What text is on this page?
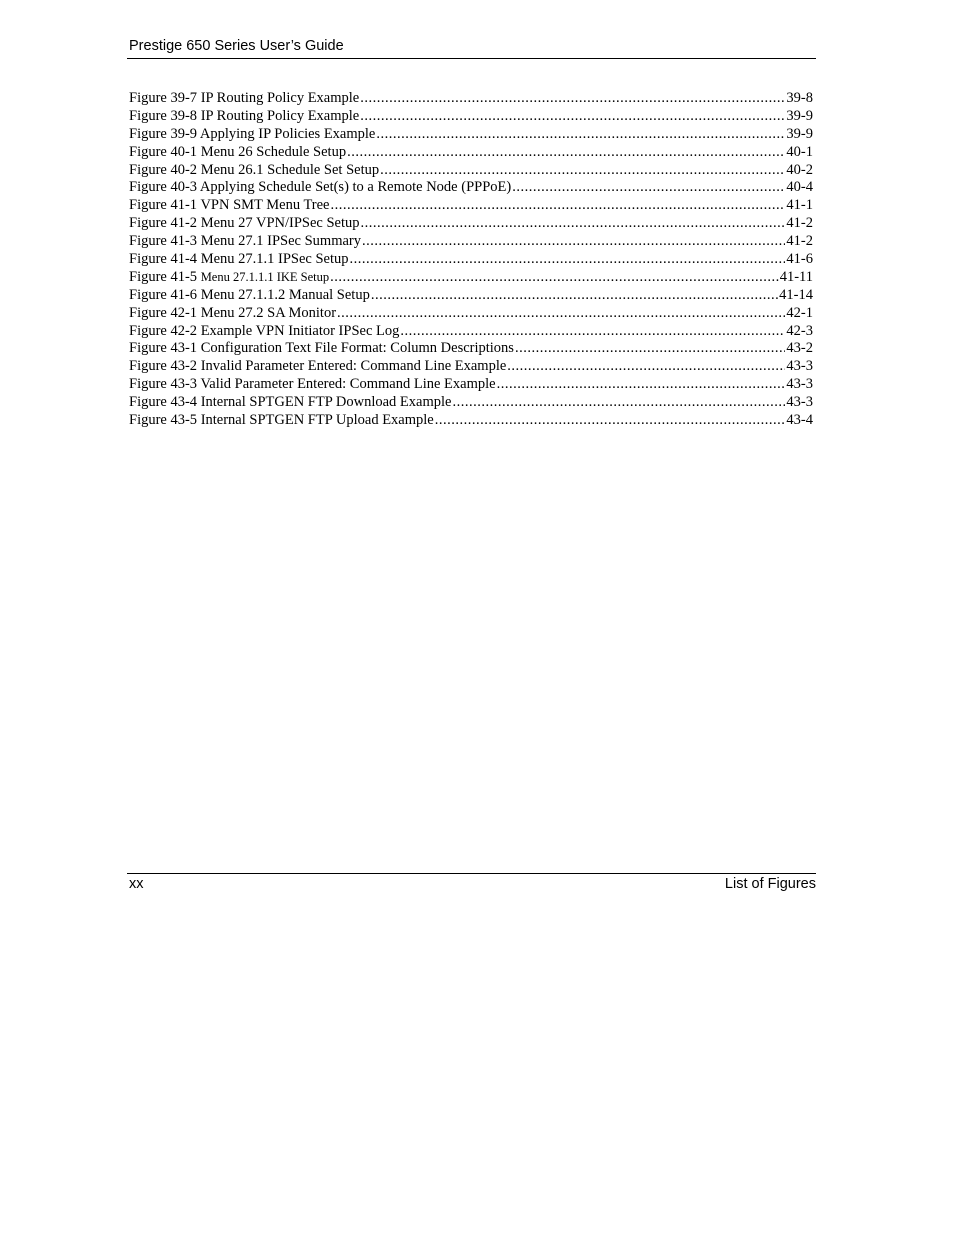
Prestige 650 Series User’s Guide
Figure 39-7 IP Routing Policy Example .....	39-8
Figure 39-8 IP Routing Policy Example .....	39-9
Figure 39-9 Applying IP Policies Example .....	39-9
Figure 40-1 Menu 26 Schedule Setup .....	40-1
Figure 40-2 Menu 26.1 Schedule Set Setup .....	40-2
Figure 40-3 Applying Schedule Set(s) to a Remote Node (PPPoE) .....	40-4
Figure 41-1 VPN SMT Menu Tree .....	41-1
Figure 41-2 Menu 27 VPN/IPSec Setup .....	41-2
Figure 41-3 Menu 27.1 IPSec Summary .....	41-2
Figure 41-4 Menu 27.1.1 IPSec Setup .....	41-6
Figure 41-5 Menu 27.1.1.1 IKE Setup .....	41-11
Figure 41-6 Menu 27.1.1.2 Manual Setup .....	41-14
Figure 42-1 Menu 27.2 SA Monitor .....	42-1
Figure 42-2 Example VPN Initiator IPSec Log .....	42-3
Figure 43-1 Configuration Text File Format: Column Descriptions .....	43-2
Figure 43-2 Invalid Parameter Entered: Command Line Example .....	43-3
Figure 43-3 Valid Parameter Entered: Command Line Example .....	43-3
Figure 43-4 Internal SPTGEN FTP Download Example .....	43-3
Figure 43-5 Internal SPTGEN FTP Upload Example .....	43-4
xx	List of Figures
